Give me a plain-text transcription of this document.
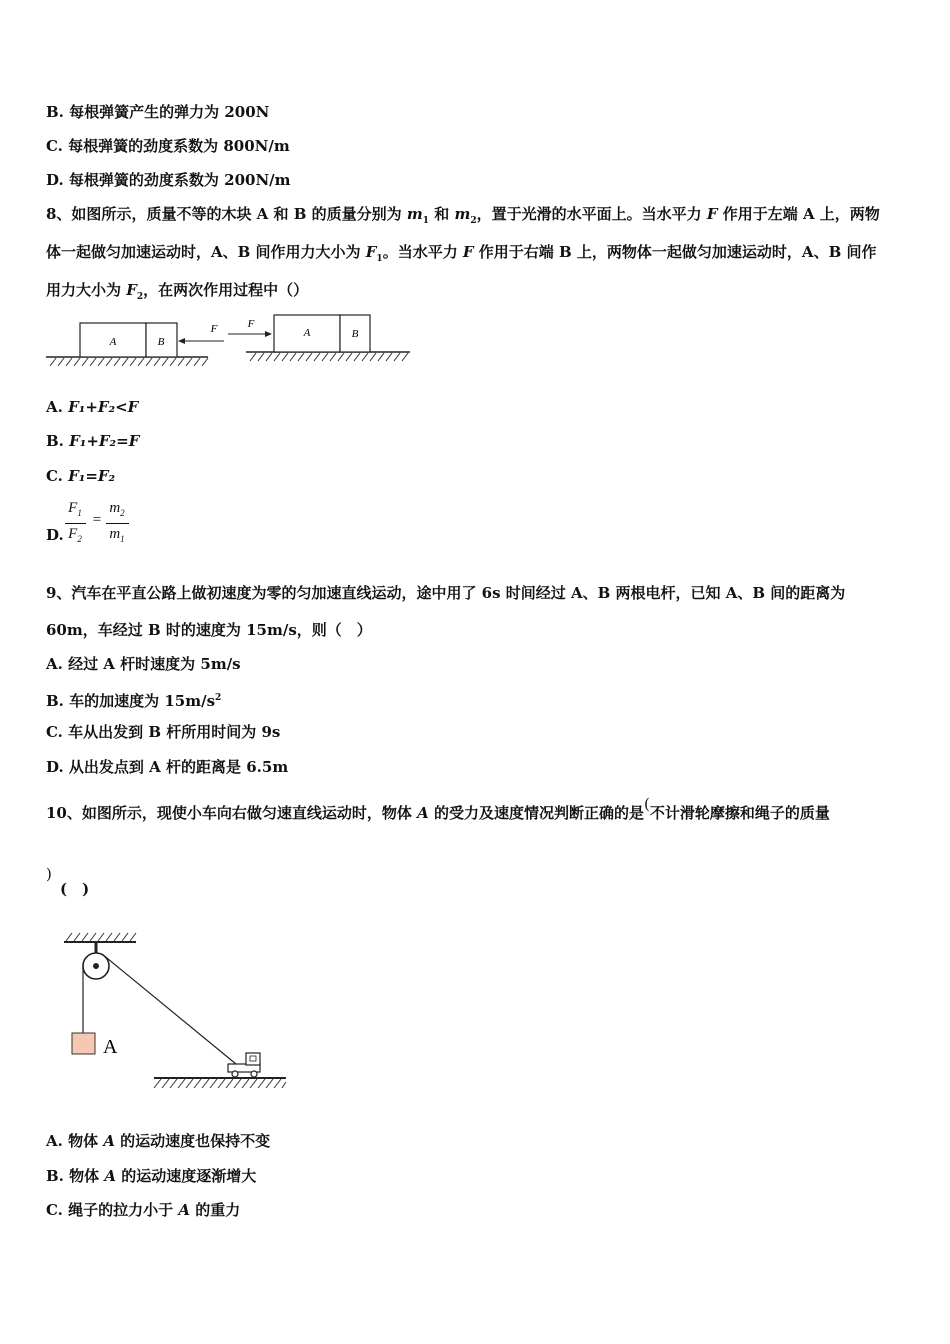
B. 每根弹簧产生的弹力为 200N
C. 每根弹簧的劲度系数为 800N/m
D. 每根弹簧的劲度系数为 200N/m
8、如图所示，质量不等的木块 A 和 B 的质量分别为 $m_1$ 和 $m_2$，置于光滑的水平面上。当水平力 F 作用于左端 A 上，两物
体一起做匀加速运动时，A、B 间作用力大小为 $F_1$。当水平力 F 作用于右端 B 上，两物体一起做匀加速运动时，A、B 间作
用力大小为 $F_2$，在两次作用过程中（）
A	B
F	A	B
F
A. F₁+F₂<F
B. F₁+F₂=F
C. F₁=F₂
D.
$F_1$
$F_2$
=
$m_2$
$m_1$
9、汽车在平直公路上做初速度为零的匀加速直线运动，途中用了 6s 时间经过 A、B 两根电杆，已知 A、B 间的距离为
60m，车经过 B 时的速度为 15m/s，则（　）
A. 经过 A 杆时速度为 5m/s
B. 车的加速度为 $15m/s^2$
C. 车从出发到 B 杆所用时间为 9s
D. 从出发点到 A 杆的距离是 6.5m
10、如图所示，现使小车向右做匀速直线运动时，物体 A 的受力及速度情况判断正确的是(不计滑轮摩擦和绳子的质量
)
(　)
A
A. 物体 A 的运动速度也保持不变
B. 物体 A 的运动速度逐渐增大
C. 绳子的拉力小于 A 的重力
